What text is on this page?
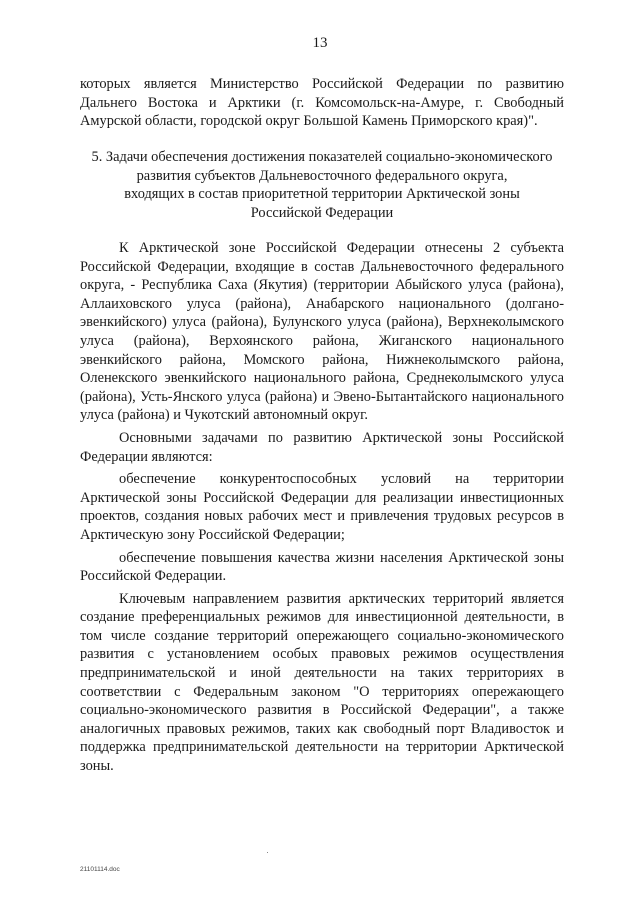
13

которых является Министерство Российской Федерации по развитию Дальнего Востока и Арктики (г. Комсомольск-на-Амуре, г. Свободный Амурской области, городской округ Большой Камень Приморского края)".

5. Задачи обеспечения достижения показателей социально-экономического
развития субъектов Дальневосточного федерального округа,
входящих в состав приоритетной территории Арктической зоны
Российской Федерации

К Арктической зоне Российской Федерации отнесены 2 субъекта Российской Федерации, входящие в состав Дальневосточного федерального округа, - Республика Саха (Якутия) (территории Абыйского улуса (района), Аллаиховского улуса (района), Анабарского национального (долгано-эвенкийского) улуса (района), Булунского улуса (района), Верхнеколымского улуса (района), Верхоянского района, Жиганского национального эвенкийского района, Момского района, Нижнеколымского района, Оленекского эвенкийского национального района, Среднеколымского улуса (района), Усть-Янского улуса (района) и Эвено-Бытантайского национального улуса (района) и Чукотский автономный округ.

Основными задачами по развитию Арктической зоны Российской Федерации являются:

обеспечение конкурентоспособных условий на территории Арктической зоны Российской Федерации для реализации инвестиционных проектов, создания новых рабочих мест и привлечения трудовых ресурсов в Арктическую зону Российской Федерации;

обеспечение повышения качества жизни населения Арктической зоны Российской Федерации.

Ключевым направлением развития арктических территорий является создание преференциальных режимов для инвестиционной деятельности, в том числе создание территорий опережающего социально-экономического развития с установлением особых правовых режимов осуществления предпринимательской и иной деятельности на таких территориях в соответствии с Федеральным законом "О территориях опережающего социально-экономического развития в Российской Федерации", а также аналогичных правовых режимов, таких как свободный порт Владивосток и поддержка предпринимательской деятельности на территории Арктической зоны.

21101114.doc
